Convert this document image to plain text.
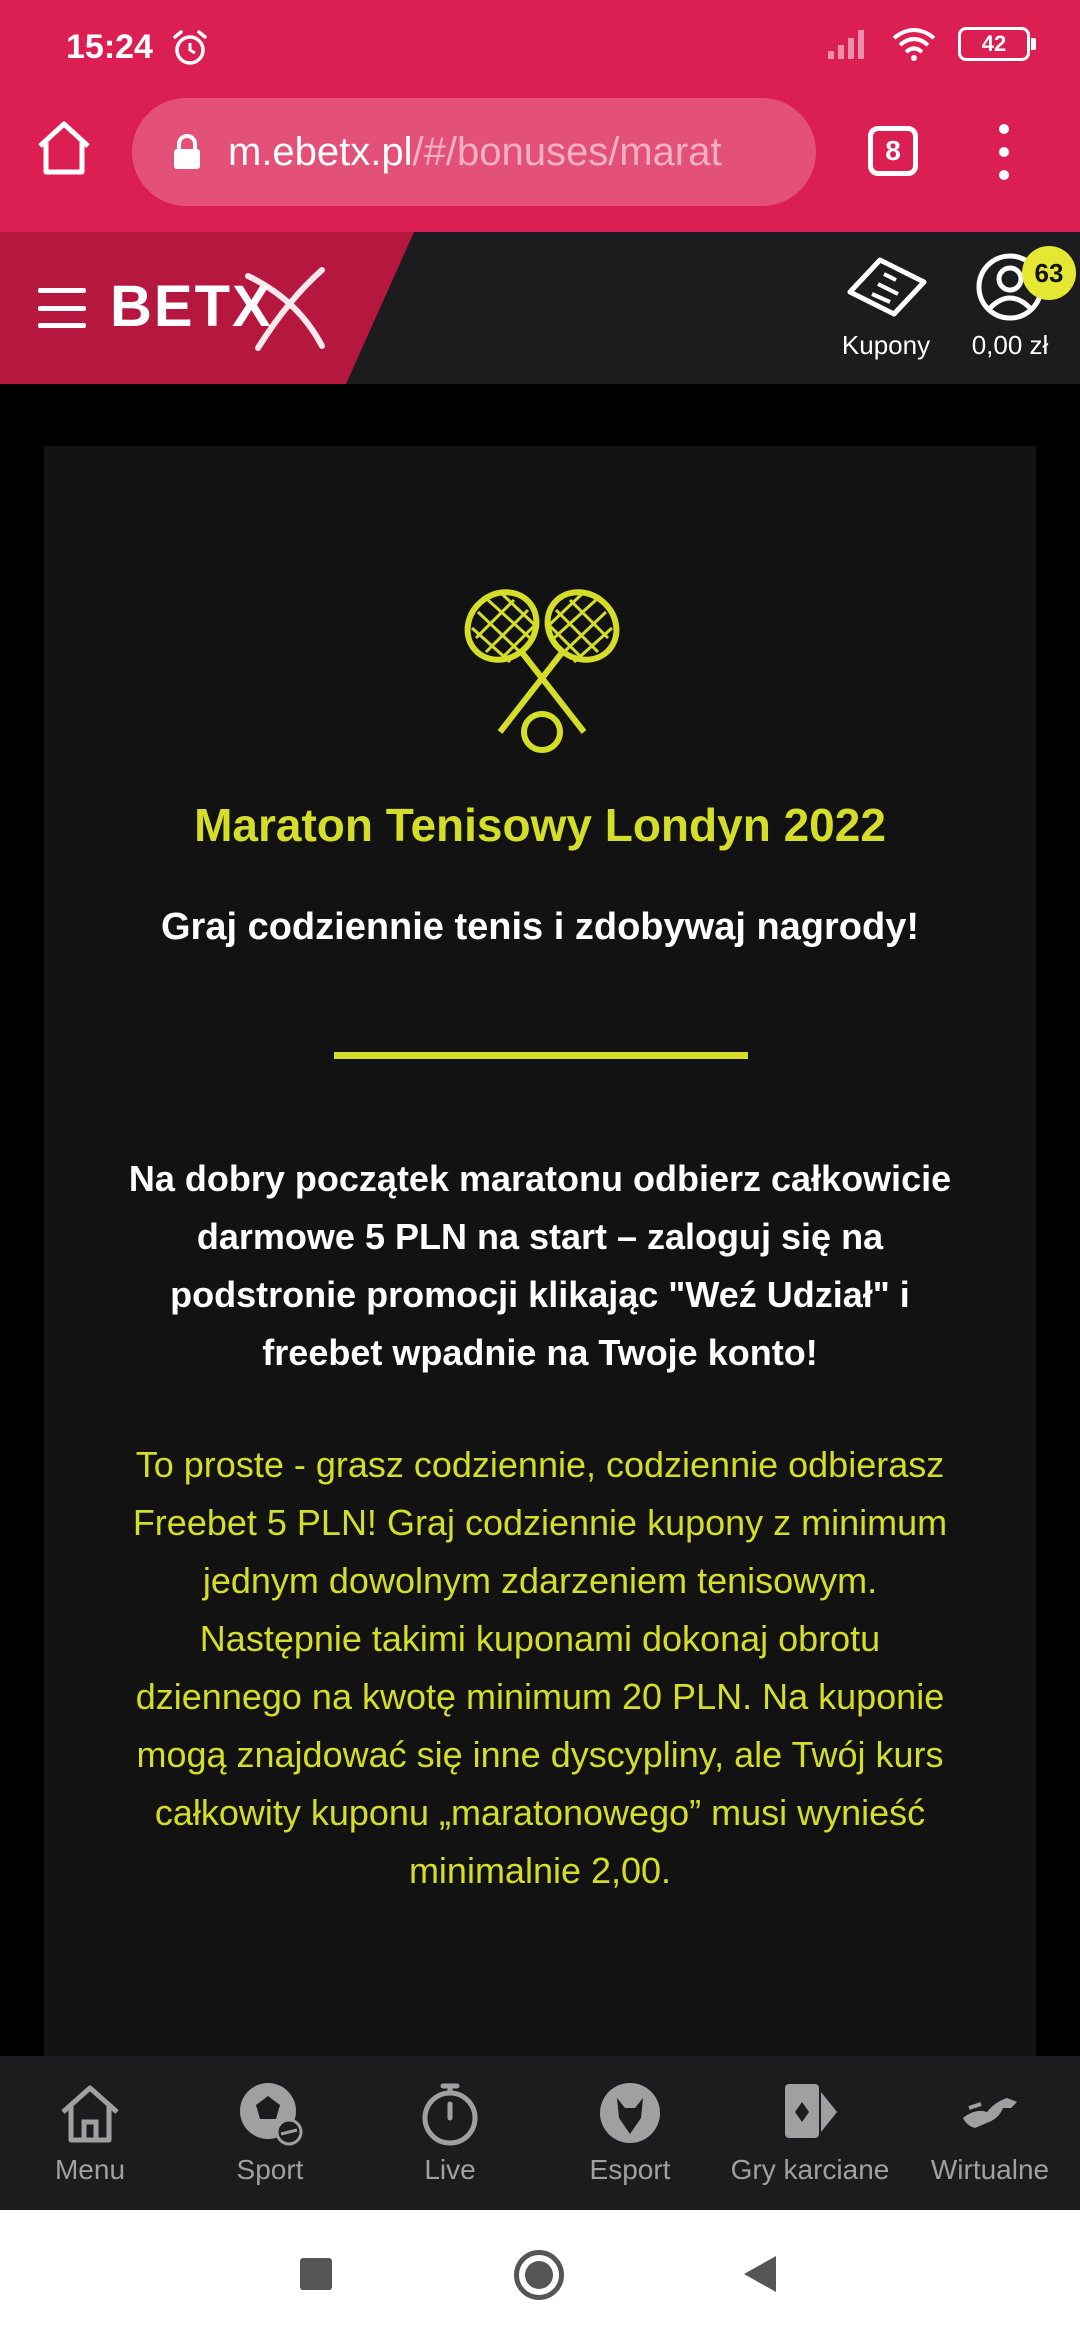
15:24	42
m.ebetx.pl /#/bonuses/marat	8
BETX
Kupony	0,00 zł
63
Maraton Tenisowy Londyn 2022
Graj codziennie tenis i zdobywaj nagrody!
Na dobry początek maratonu odbierz całkowicie darmowe 5 PLN na start – zaloguj się na podstronie promocji klikając "Weź Udział" i freebet wpadnie na Twoje konto!
To proste - grasz codziennie, codziennie odbierasz Freebet 5 PLN! Graj codziennie kupony z minimum jednym dowolnym zdarzeniem tenisowym. Następnie takimi kuponami dokonaj obrotu dziennego na kwotę minimum 20 PLN. Na kuponie mogą znajdować się inne dyscypliny, ale Twój kurs całkowity kuponu „maratonowego” musi wynieść minimalnie 2,00.
Menu	Sport	Live	Esport Gry karciane Wirtualne
